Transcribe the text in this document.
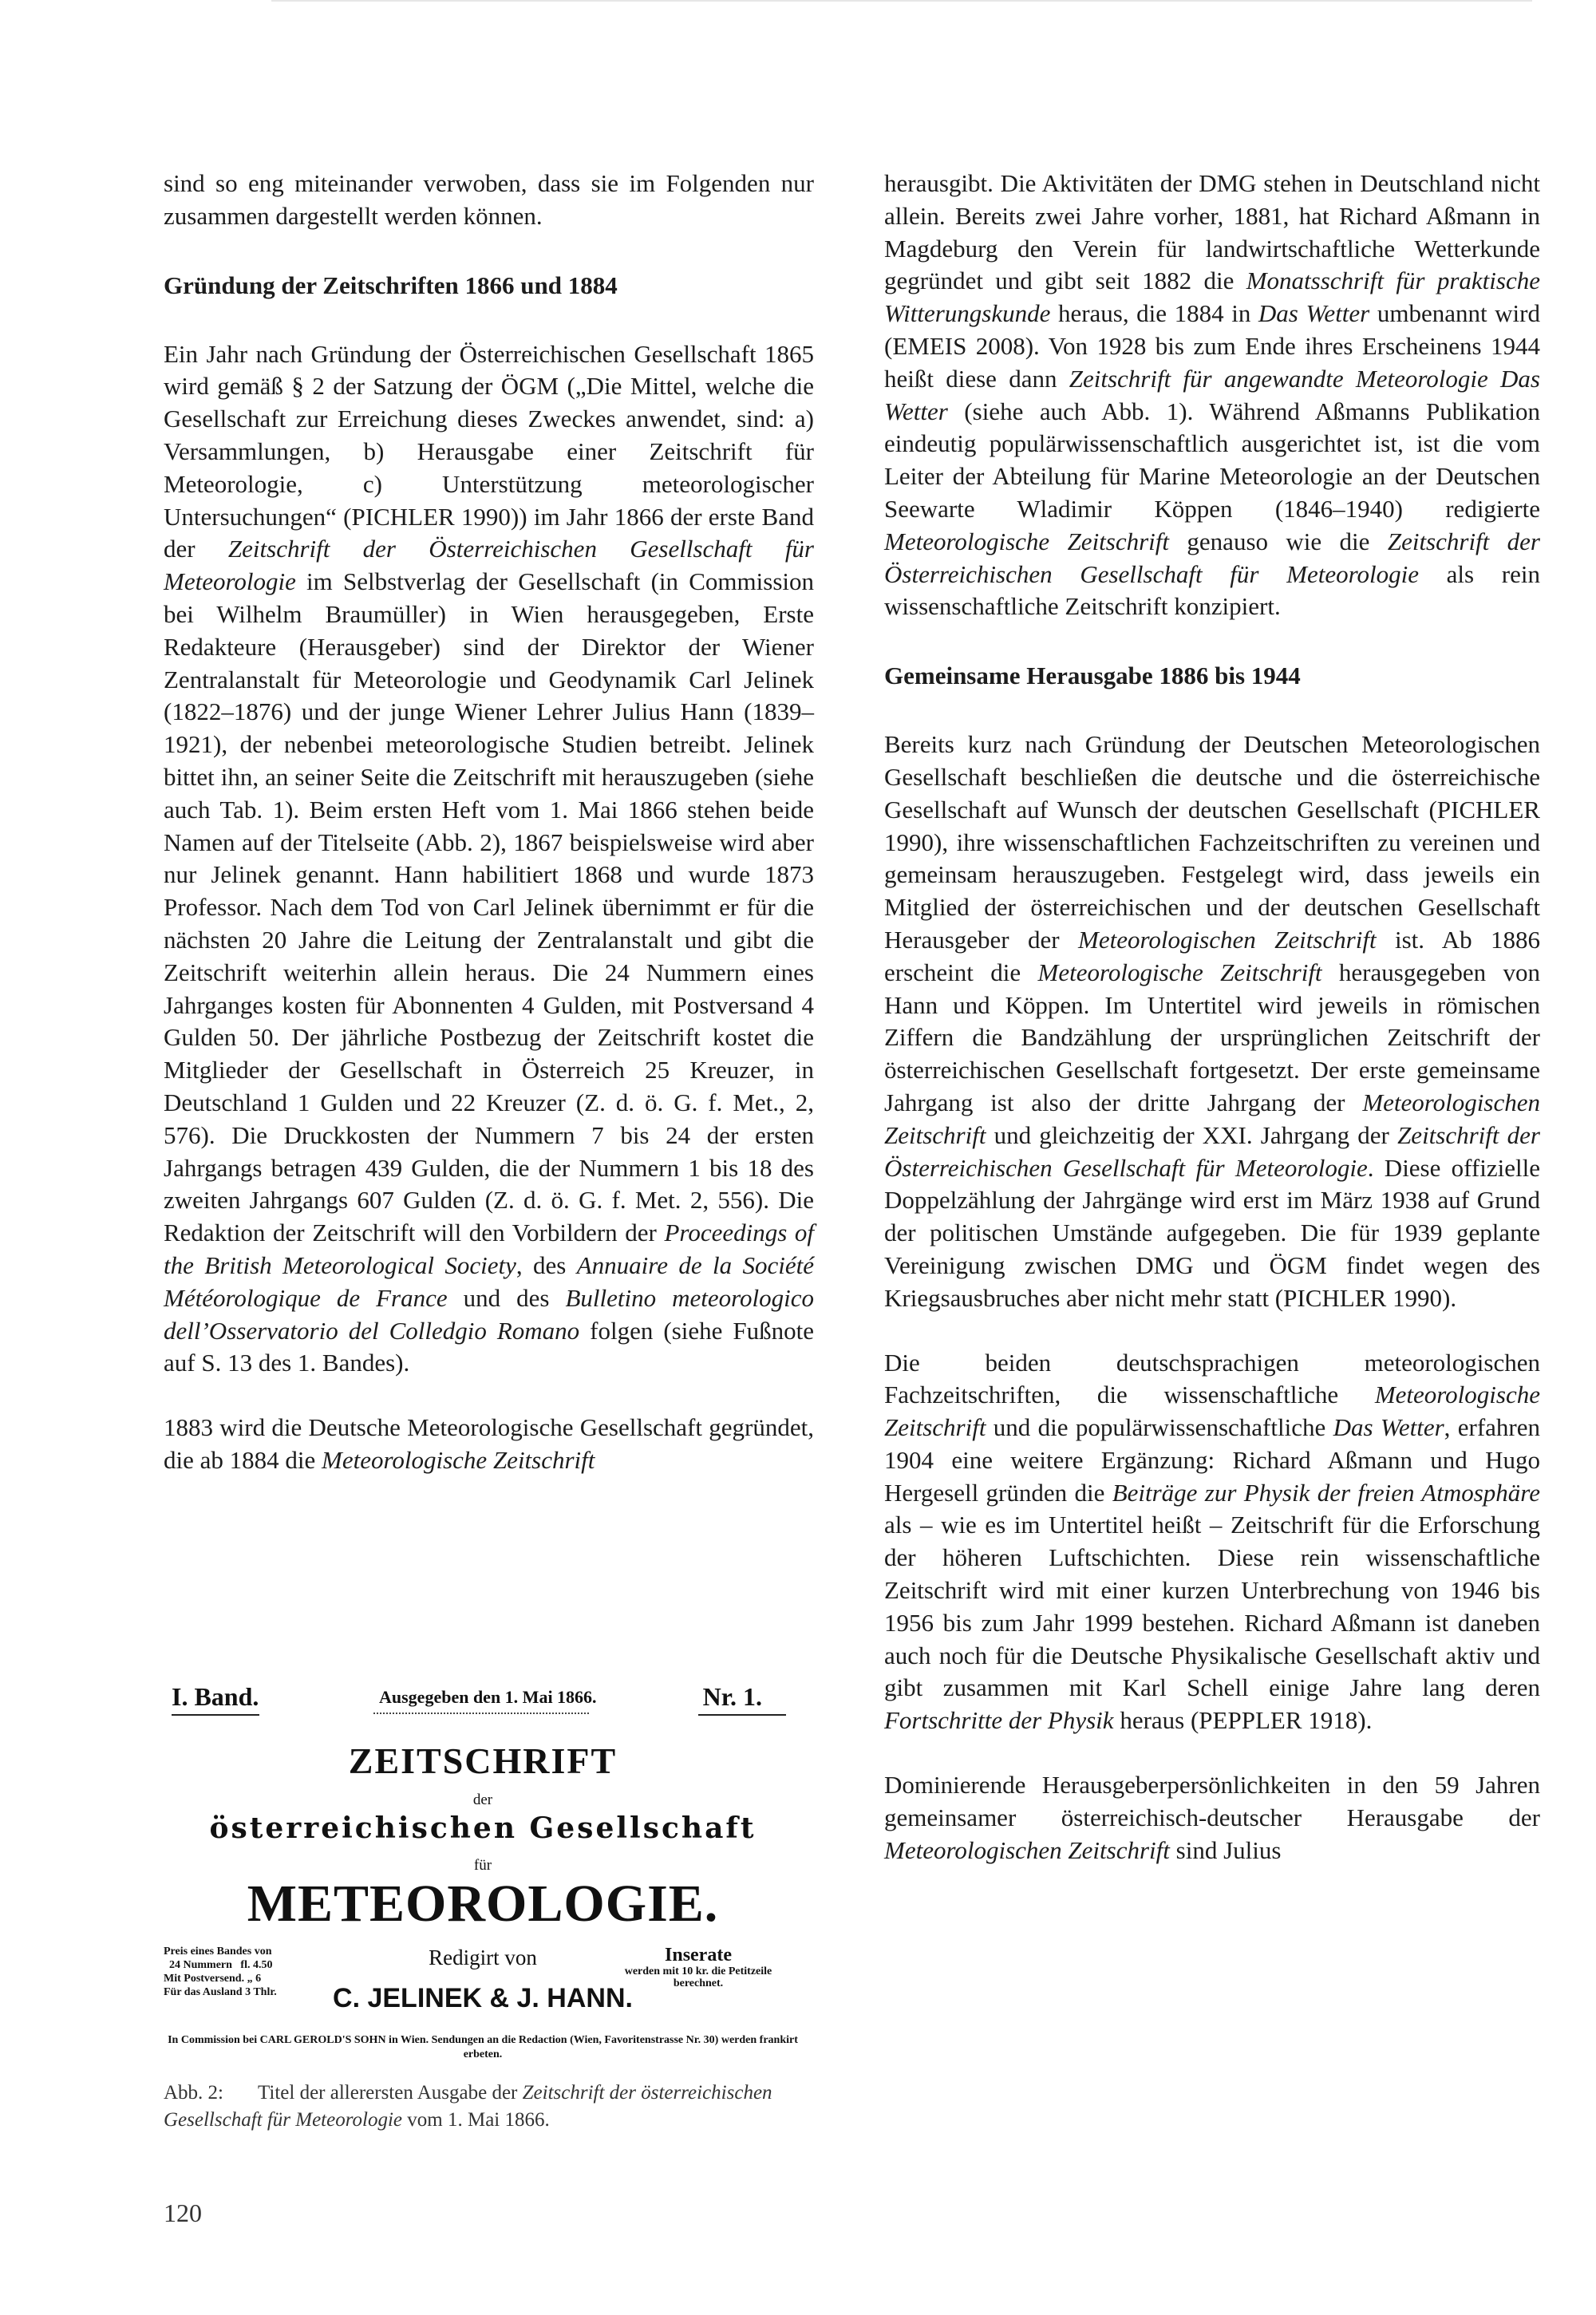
sind so eng miteinander verwoben, dass sie im Folgenden nur zusammen dargestellt werden können.

Gründung der Zeitschriften 1866 und 1884

Ein Jahr nach Gründung der Österreichischen Gesellschaft 1865 wird gemäß § 2 der Satzung der ÖGM („Die Mittel, welche die Gesellschaft zur Erreichung dieses Zweckes anwendet, sind: a) Versammlungen, b) Herausgabe einer Zeitschrift für Meteorologie, c) Unterstützung meteorologischer Untersuchungen“ (PICHLER 1990)) im Jahr 1866 der erste Band der Zeitschrift der Österreichischen Gesellschaft für Meteorologie im Selbstverlag der Gesellschaft (in Commission bei Wilhelm Braumüller) in Wien herausgegeben, Erste Redakteure (Herausgeber) sind der Direktor der Wiener Zentralanstalt für Meteorologie und Geodynamik Carl Jelinek (1822–1876) und der junge Wiener Lehrer Julius Hann (1839–1921), der nebenbei meteorologische Studien betreibt. Jelinek bittet ihn, an seiner Seite die Zeitschrift mit herauszugeben (siehe auch Tab. 1). Beim ersten Heft vom 1. Mai 1866 stehen beide Namen auf der Titelseite (Abb. 2), 1867 beispielsweise wird aber nur Jelinek genannt. Hann habilitiert 1868 und wurde 1873 Professor. Nach dem Tod von Carl Jelinek übernimmt er für die nächsten 20 Jahre die Leitung der Zentralanstalt und gibt die Zeitschrift weiterhin allein heraus. Die 24 Nummern eines Jahrganges kosten für Abonnenten 4 Gulden, mit Postversand 4 Gulden 50. Der jährliche Postbezug der Zeitschrift kostet die Mitglieder der Gesellschaft in Österreich 25 Kreuzer, in Deutschland 1 Gulden und 22 Kreuzer (Z. d. ö. G. f. Met., 2, 576). Die Druckkosten der Nummern 7 bis 24 der ersten Jahrgangs betragen 439 Gulden, die der Nummern 1 bis 18 des zweiten Jahrgangs 607 Gulden (Z. d. ö. G. f. Met. 2, 556). Die Redaktion der Zeitschrift will den Vorbildern der Proceedings of the British Meteorological Society, des Annuaire de la Société Météorologique de France und des Bulletino meteorologico dell’Osservatorio del Colledgio Romano folgen (siehe Fußnote auf S. 13 des 1. Bandes).

1883 wird die Deutsche Meteorologische Gesellschaft gegründet, die ab 1884 die Meteorologische Zeitschrift

I. Band.	Ausgegeben den 1. Mai 1866.	Nr. 1.
ZEITSCHRIFT
der
österreichischen Gesellschaft
für
METEOROLOGIE.
Preis eines Bandes von
24 Nummern   fl. 4.50
Mit Postversend. „ 6
Für das Ausland 3 Thlr.
Redigirt von
C. JELINEK & J. HANN.
Inserate
werden mit 10 kr. die Petitzeile berechnet.
In Commission bei CARL GEROLD'S SOHN in Wien. Sendungen an die Redaction (Wien, Favoritenstrasse Nr. 30) werden frankirt erbeten.
Abb. 2: Titel der allerersten Ausgabe der Zeitschrift der österreichischen Gesellschaft für Meteorologie vom 1. Mai 1866.

herausgibt. Die Aktivitäten der DMG stehen in Deutschland nicht allein. Bereits zwei Jahre vorher, 1881, hat Richard Aßmann in Magdeburg den Verein für landwirtschaftliche Wetterkunde gegründet und gibt seit 1882 die Monatsschrift für praktische Witterungskunde heraus, die 1884 in Das Wetter umbenannt wird (EMEIS 2008). Von 1928 bis zum Ende ihres Erscheinens 1944 heißt diese dann Zeitschrift für angewandte Meteorologie Das Wetter (siehe auch Abb. 1). Während Aßmanns Publikation eindeutig populärwissenschaftlich ausgerichtet ist, ist die vom Leiter der Abteilung für Marine Meteorologie an der Deutschen Seewarte Wladimir Köppen (1846–1940) redigierte Meteorologische Zeitschrift genauso wie die Zeitschrift der Österreichischen Gesellschaft für Meteorologie als rein wissenschaftliche Zeitschrift konzipiert.

Gemeinsame Herausgabe 1886 bis 1944

Bereits kurz nach Gründung der Deutschen Meteorologischen Gesellschaft beschließen die deutsche und die österreichische Gesellschaft auf Wunsch der deutschen Gesellschaft (PICHLER 1990), ihre wissenschaftlichen Fachzeitschriften zu vereinen und gemeinsam herauszugeben. Festgelegt wird, dass jeweils ein Mitglied der österreichischen und der deutschen Gesellschaft Herausgeber der Meteorologischen Zeitschrift ist. Ab 1886 erscheint die Meteorologische Zeitschrift herausgegeben von Hann und Köppen. Im Untertitel wird jeweils in römischen Ziffern die Bandzählung der ursprünglichen Zeitschrift der österreichischen Gesellschaft fortgesetzt. Der erste gemeinsame Jahrgang ist also der dritte Jahrgang der Meteorologischen Zeitschrift und gleichzeitig der XXI. Jahrgang der Zeitschrift der Österreichischen Gesellschaft für Meteorologie. Diese offizielle Doppelzählung der Jahrgänge wird erst im März 1938 auf Grund der politischen Umstände aufgegeben. Die für 1939 geplante Vereinigung zwischen DMG und ÖGM findet wegen des Kriegsausbruches aber nicht mehr statt (PICHLER 1990).

Die beiden deutschsprachigen meteorologischen Fachzeitschriften, die wissenschaftliche Meteorologische Zeitschrift und die populärwissenschaftliche Das Wetter, erfahren 1904 eine weitere Ergänzung: Richard Aßmann und Hugo Hergesell gründen die Beiträge zur Physik der freien Atmosphäre als – wie es im Untertitel heißt – Zeitschrift für die Erforschung der höheren Luftschichten. Diese rein wissenschaftliche Zeitschrift wird mit einer kurzen Unterbrechung von 1946 bis 1956 bis zum Jahr 1999 bestehen. Richard Aßmann ist daneben auch noch für die Deutsche Physikalische Gesellschaft aktiv und gibt zusammen mit Karl Schell einige Jahre lang deren Fortschritte der Physik heraus (PEPPLER 1918).

Dominierende Herausgeberpersönlichkeiten in den 59 Jahren gemeinsamer österreichisch-deutscher Herausgabe der Meteorologischen Zeitschrift sind Julius

120
